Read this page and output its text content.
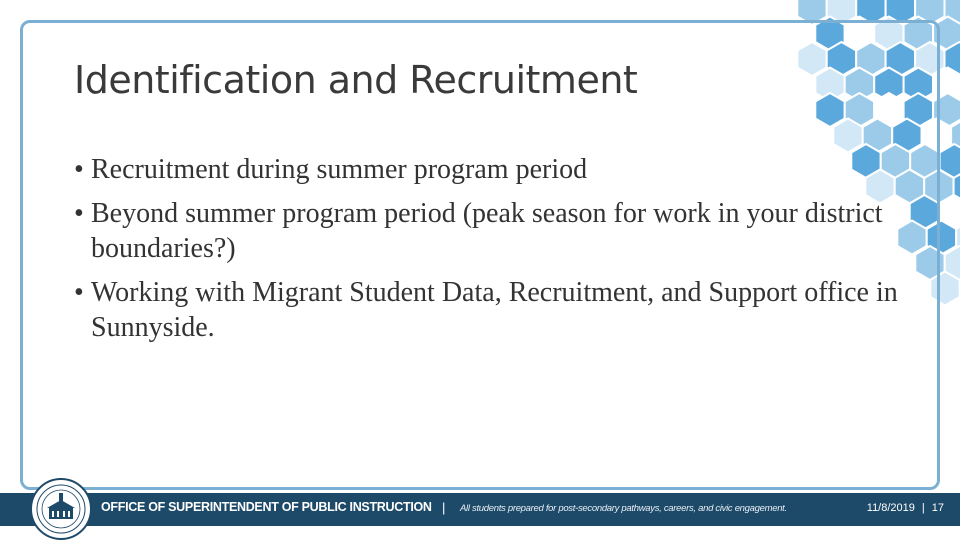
Identification and Recruitment
• Recruitment during summer program period
• Beyond summer program period (peak season for work in your district boundaries?)
• Working with Migrant Student Data, Recruitment, and Support office in Sunnyside.
OFFICE OF SUPERINTENDENT OF PUBLIC INSTRUCTION | All students prepared for post-secondary pathways, careers, and civic engagement.	11/8/2019 | 17
